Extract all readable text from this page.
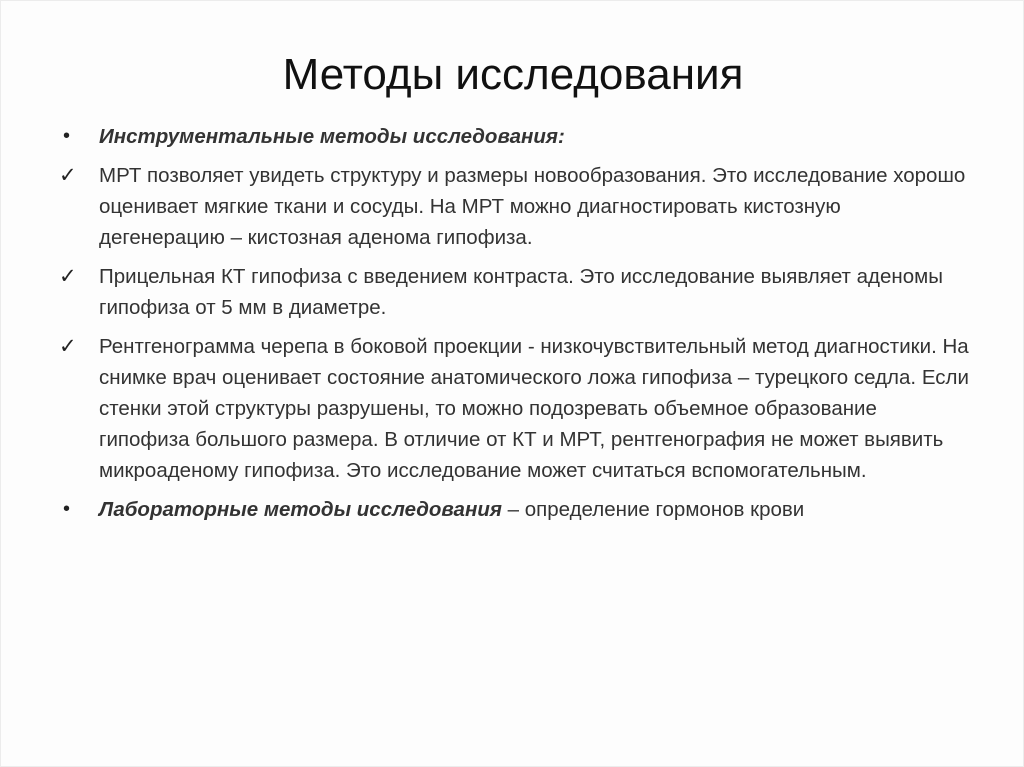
Методы исследования
•	Инструментальные методы исследования:
✓	МРТ позволяет увидеть структуру и размеры новообразования. Это исследование хорошо оценивает мягкие ткани и сосуды. На МРТ можно диагностировать кистозную дегенерацию – кистозная аденома гипофиза.
✓	Прицельная КТ гипофиза с введением контраста. Это исследование выявляет аденомы гипофиза от 5 мм в диаметре.
✓	Рентгенограмма черепа в боковой проекции - низкочувствительный метод диагностики. На снимке врач оценивает состояние анатомического ложа гипофиза – турецкого седла. Если стенки этой структуры разрушены, то можно подозревать объемное образование гипофиза большого размера. В отличие от КТ и МРТ, рентгенография не может выявить микроаденому гипофиза. Это исследование может считаться вспомогательным.
•	Лабораторные методы исследования – определение гормонов крови
